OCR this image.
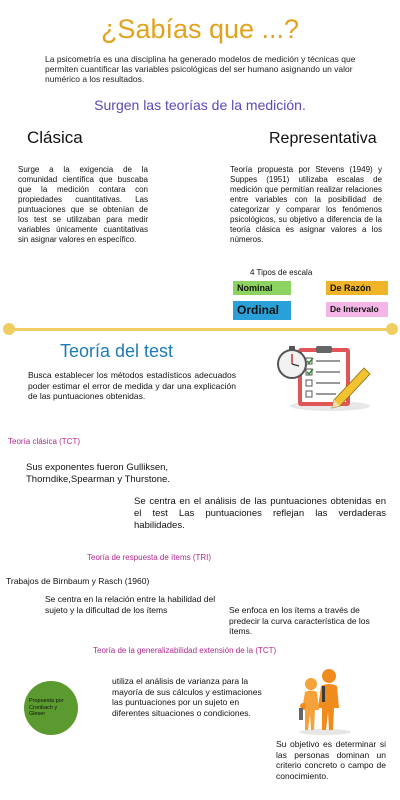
¿Sabías que ...?
La psicometría es una disciplina ha generado modelos de medición y técnicas que permiten cuantificar las variables psicológicas del ser humano asignando un valor numérico a los resultados.
Surgen las teorías de la medición.
Clásica	Representativa
Surge a la exigencia de la comunidad científica que buscaba que la medición contara con propiedades cuantitativas. Las puntuaciones que se obtenían de los test se utilizaban para medir variables únicamente cuantitativas sin asignar valores en específico.
Teoría propuesta por Stevens (1949) y Suppes (1951) utilizaba escalas de medición que permitían realizar relaciones entre variables con la posibilidad de categorizar y comparar los fenómenos psicológicos, su objetivo a diferencia de la teoría clásica es asignar valores a los números.
4 Tipos de escala
Nominal	De Razón
Ordinal	De Intervalo
Teoría del test
Busca establecer los métodos estadísticos adecuados poder estimar el error de medida y dar una explicación de las puntuaciones obtenidas.
Teoría clásica (TCT)
Sus exponentes fueron Gulliksen, Thorndike,Spearman y Thurstone.
Se centra en el análisis de las puntuaciones obtenidas en el test Las puntuaciones reflejan las verdaderas habilidades.
Teoría de respuesta de ítems (TRI)
Trabajos de Birnbaum y Rasch (1960)
Se centra en la relación entre la habilidad del sujeto y la dificultad de los ítems	Se enfoca en los ítems a través de predecir la curva característica de los ítems.
Teoría de la generalizabilidad extensión de la (TCT)
Propuesta por Cronbach y Gleser
utiliza el análisis de varianza para la mayoría de sus cálculos y estimaciones las puntuaciones por un sujeto en diferentes situaciones o condiciones.
Su objetivo es determinar si las personas dominan un criterio concreto o campo de conocimiento.
